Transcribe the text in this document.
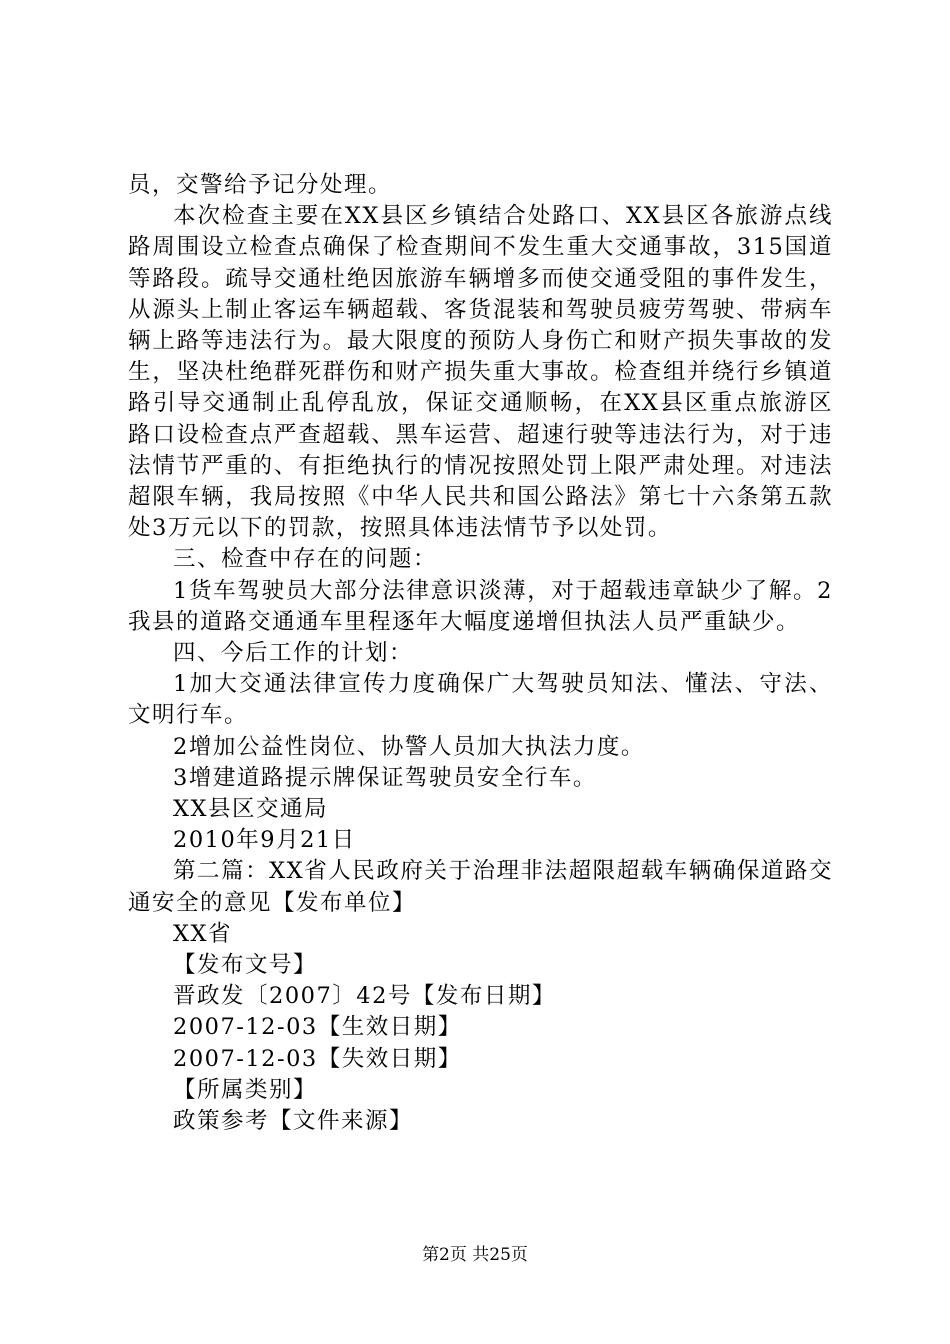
员，交警给予记分处理。

本次检查主要在XX县区乡镇结合处路口、XX县区各旅游点线路周围设立检查点确保了检查期间不发生重大交通事故，315国道等路段。疏导交通杜绝因旅游车辆增多而使交通受阻的事件发生，从源头上制止客运车辆超载、客货混装和驾驶员疲劳驾驶、带病车辆上路等违法行为。最大限度的预防人身伤亡和财产损失事故的发生，坚决杜绝群死群伤和财产损失重大事故。检查组并绕行乡镇道路引导交通制止乱停乱放，保证交通顺畅，在XX县区重点旅游区路口设检查点严查超载、黑车运营、超速行驶等违法行为，对于违法情节严重的、有拒绝执行的情况按照处罚上限严肃处理。对违法超限车辆，我局按照《中华人民共和国公路法》第七十六条第五款处3万元以下的罚款，按照具体违法情节予以处罚。

三、检查中存在的问题：

1货车驾驶员大部分法律意识淡薄，对于超载违章缺少了解。2我县的道路交通通车里程逐年大幅度递增但执法人员严重缺少。

四、今后工作的计划：

1加大交通法律宣传力度确保广大驾驶员知法、懂法、守法、文明行车。

2增加公益性岗位、协警人员加大执法力度。

3增建道路提示牌保证驾驶员安全行车。

XX县区交通局

2010年9月21日

第二篇：XX省人民政府关于治理非法超限超载车辆确保道路交通安全的意见【发布单位】

XX省

【发布文号】

晋政发〔2007〕42号【发布日期】

2007-12-03【生效日期】

2007-12-03【失效日期】

【所属类别】

政策参考【文件来源】

第2页 共25页
